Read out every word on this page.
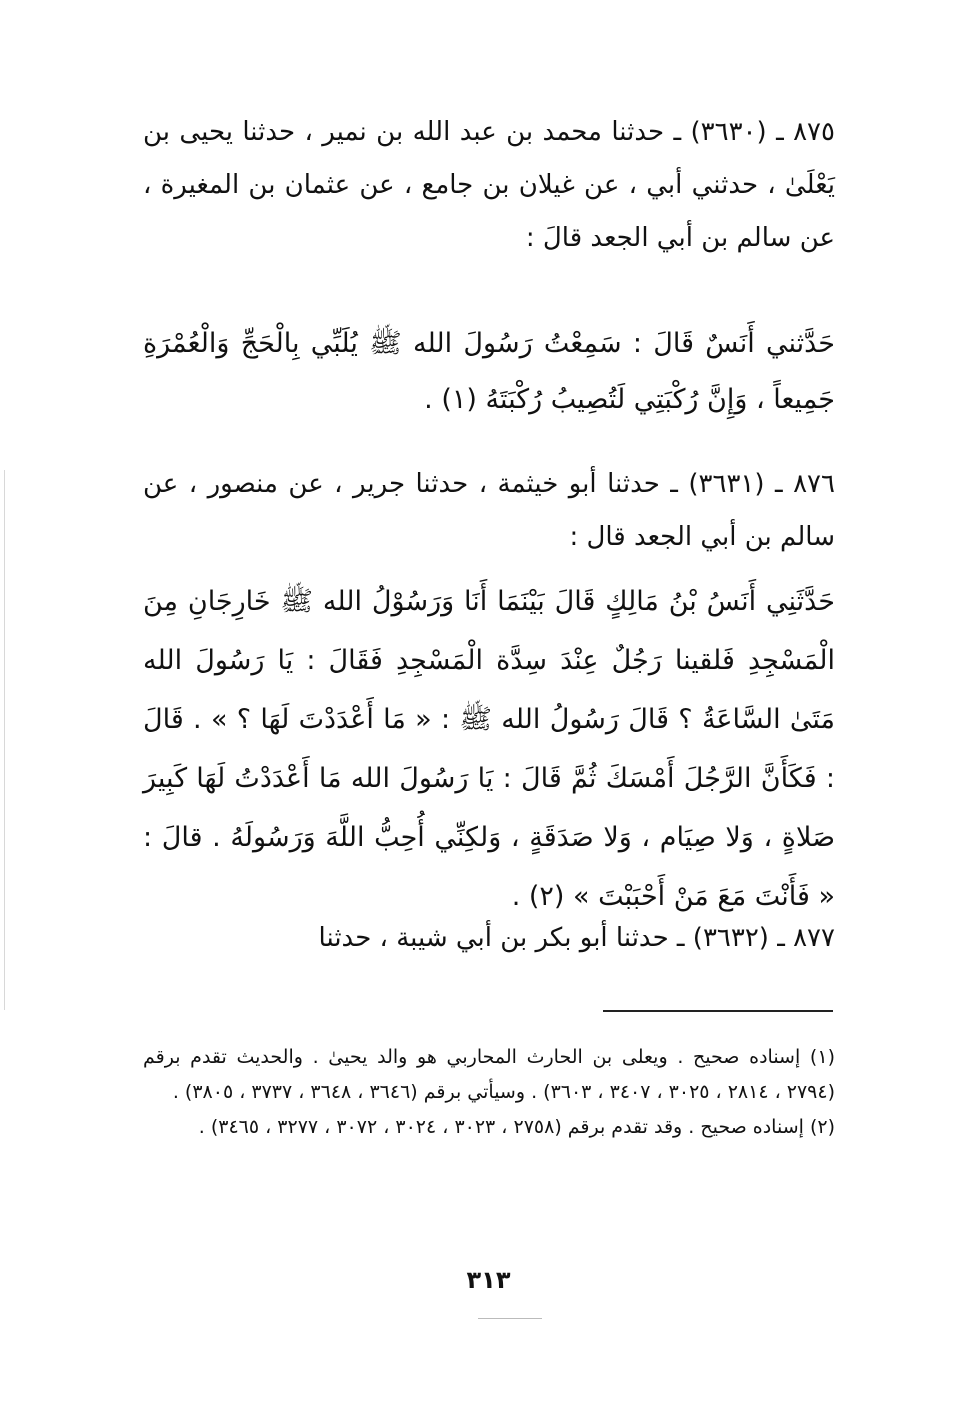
٨٧٥ ـ (٣٦٣٠) ـ حدثنا محمد بن عبد الله بن نمير ، حدثنا يحيى بن يَعْلَىٰ ، حدثني أبي ، عن غيلان بن جامع ، عن عثمان بن المغيرة ، عن سالم بن أبي الجعد قالَ :

حَدَّثني أَنَسٌ قَالَ : سَمِعْتُ رَسُولَ الله ﷺ يُلَبِّي بِالْحَجِّ وَالْعُمْرَةِ جَمِيعاً ، وَإِنَّ رُكْبَتِي لَتُصِيبُ رُكْبَتَهُ (١) .

٨٧٦ ـ (٣٦٣١) ـ حدثنا أبو خيثمة ، حدثنا جرير ، عن منصور ، عن سالم بن أبي الجعد قال :

حَدَّثَنِي أَنَسُ بْنُ مَالِكٍ قَالَ بَيْنَمَا أَنَا وَرَسُوْلُ الله ﷺ خَارِجَانِ مِنَ الْمَسْجِدِ فَلقينا رَجُلٌ عِنْدَ سِدَّة الْمَسْجِدِ فَقَالَ : يَا رَسُولَ الله مَتَىٰ السَّاعَةُ ؟ قَالَ رَسُولُ الله ﷺ : « مَا أَعْدَدْتَ لَهَا ؟ » . قَالَ : فَكَأَنَّ الرَّجُلَ أَمْسَكَ ثُمَّ قَالَ : يَا رَسُولَ الله مَا أَعْدَدْتُ لَهَا كَبِيرَ صَلاةٍ ، وَلا صِيَام ، وَلا صَدَقَةٍ ، وَلكِنِّي أُحِبُّ اللَّهَ وَرَسُولَهُ . قالَ : « فَأَنْتَ مَعَ مَنْ أَحْبَبْتَ » (٢) .

٨٧٧ ـ (٣٦٣٢) ـ حدثنا أبو بكر بن أبي شيبة ، حدثنا

(١) إسناده صحيح . ويعلى بن الحارث المحاربي هو والد يحيىٰ . والحديث تقدم برقم (٢٧٩٤ ، ٢٨١٤ ، ٣٠٢٥ ، ٣٤٠٧ ، ٣٦٠٣) . وسيأتي برقم (٣٦٤٦ ، ٣٦٤٨ ، ٣٧٣٧ ، ٣٨٠٥) .

(٢) إسناده صحيح . وقد تقدم برقم (٢٧٥٨ ، ٣٠٢٣ ، ٣٠٢٤ ، ٣٠٧٢ ، ٣٢٧٧ ، ٣٤٦٥) .

٣١٣
